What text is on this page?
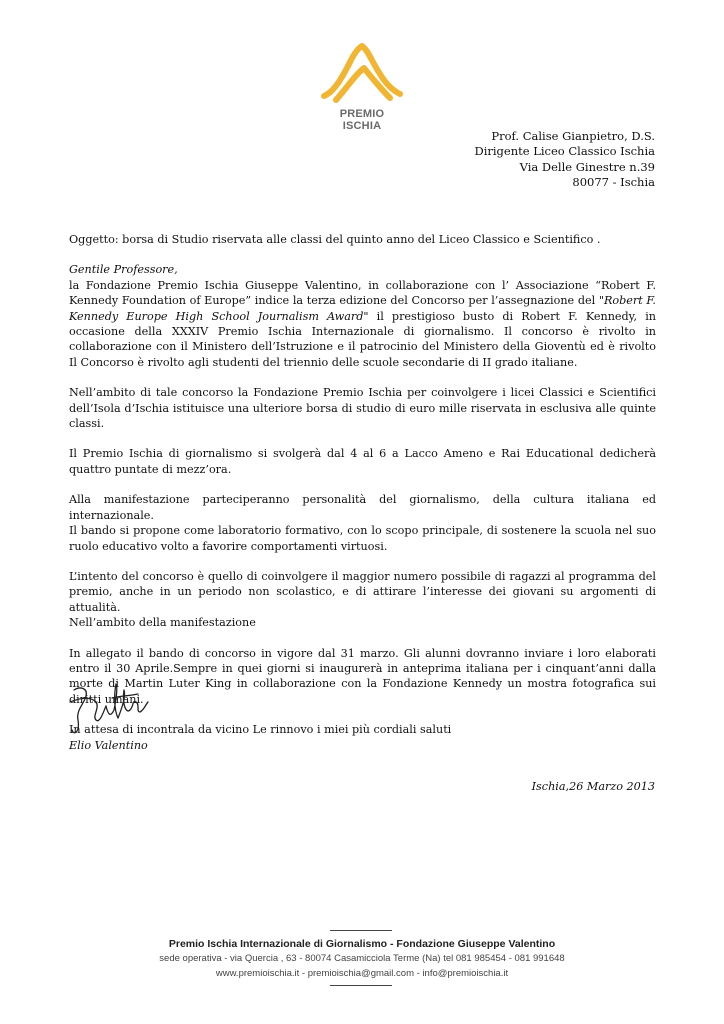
PREMIO ISCHIA
Prof. Calise Gianpietro, D.S.
Dirigente Liceo Classico Ischia
Via Delle Ginestre n.39
80077 - Ischia

Oggetto: borsa di Studio riservata alle classi del quinto anno del Liceo Classico e Scientifico .

Gentile Professore,

la Fondazione Premio Ischia Giuseppe Valentino, in collaborazione con l’ Associazione “Robert F. Kennedy Foundation of Europe” indice la terza edizione del Concorso per l’assegnazione del "Robert F. Kennedy Europe High School Journalism Award" il prestigioso busto di Robert F. Kennedy, in occasione della XXXIV Premio Ischia Internazionale di giornalismo. Il concorso è rivolto in collaborazione con il Ministero dell’Istruzione e il patrocinio del Ministero della Gioventù ed è rivolto Il Concorso è rivolto agli studenti del triennio delle scuole secondarie di II grado italiane.

Nell’ambito di tale concorso la Fondazione Premio Ischia per coinvolgere i licei Classici e Scientifici dell’Isola d’Ischia istituisce una ulteriore borsa di studio di euro mille riservata in esclusiva alle quinte classi.

Il Premio Ischia di giornalismo si svolgerà dal 4 al 6 a Lacco Ameno e Rai Educational dedicherà quattro puntate di mezz’ora.

Alla manifestazione parteciperanno personalità del giornalismo, della cultura italiana ed internazionale.

Il bando si propone come laboratorio formativo, con lo scopo principale, di sostenere la scuola nel suo ruolo educativo volto a favorire comportamenti virtuosi.

L’intento del concorso è quello di coinvolgere il maggior numero possibile di ragazzi al programma del premio, anche in un periodo non scolastico, e di attirare l’interesse dei giovani su argomenti di attualità.

Nell’ambito della manifestazione

In allegato il bando di concorso in vigore dal 31 marzo. Gli alunni dovranno inviare i loro elaborati entro il 30 Aprile.Sempre in quei giorni si inaugurerà in anteprima italiana per i cinquant’anni dalla morte di Martin Luter King in collaborazione con la Fondazione Kennedy un mostra fotografica sui diritti umani.

In attesa di incontrala da vicino Le rinnovo i miei più cordiali saluti

Elio Valentino

Ischia,26 Marzo 2013
Premio Ischia Internazionale di Giornalismo - Fondazione Giuseppe Valentino
sede operativa - via Quercia , 63 - 80074 Casamicciola Terme (Na) tel 081 985454 - 081 991648
www.premioischia.it - premioischia@gmail.com - info@premioischia.it
